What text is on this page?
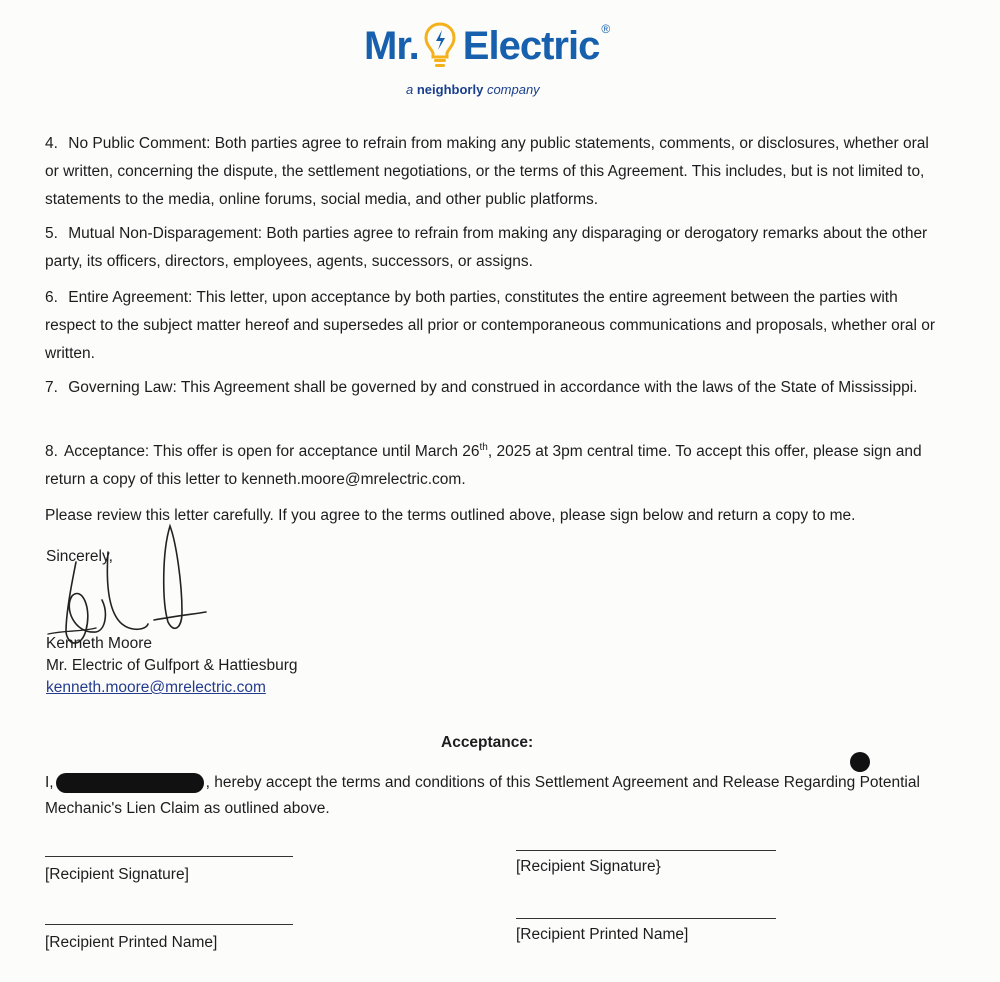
Mr. Electric ®
a neighborly company

4. No Public Comment: Both parties agree to refrain from making any public statements, comments, or disclosures, whether oral or written, concerning the dispute, the settlement negotiations, or the terms of this Agreement. This includes, but is not limited to, statements to the media, online forums, social media, and other public platforms.

5. Mutual Non-Disparagement: Both parties agree to refrain from making any disparaging or derogatory remarks about the other party, its officers, directors, employees, agents, successors, or assigns.

6. Entire Agreement: This letter, upon acceptance by both parties, constitutes the entire agreement between the parties with respect to the subject matter hereof and supersedes all prior or contemporaneous communications and proposals, whether oral or written.

7. Governing Law: This Agreement shall be governed by and construed in accordance with the laws of the State of Mississippi.

8. Acceptance: This offer is open for acceptance until March 26th, 2025 at 3pm central time. To accept this offer, please sign and return a copy of this letter to kenneth.moore@mrelectric.com.

Please review this letter carefully. If you agree to the terms outlined above, please sign below and return a copy to me.

Sincerely,
Kenneth Moore
Mr. Electric of Gulfport & Hattiesburg
kenneth.moore@mrelectric.com
Acceptance:

I,	, hereby accept the terms and conditions of this Settlement Agreement and Release Regarding Potential Mechanic's Lien Claim as outlined above.

[Recipient Signature]	[Recipient Signature}
[Recipient Printed Name]	[Recipient Printed Name]
